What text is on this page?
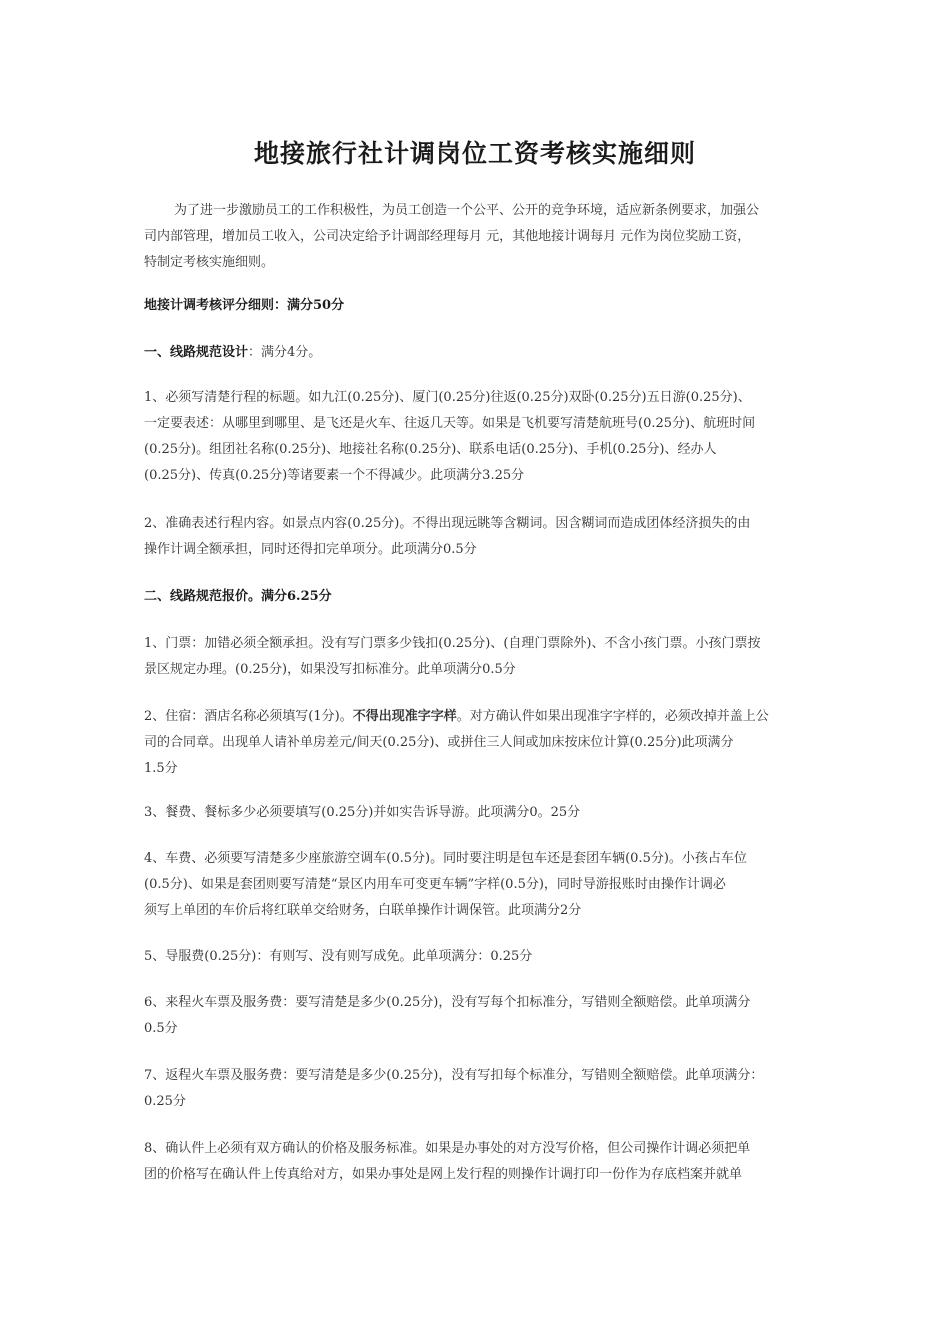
地接旅行社计调岗位工资考核实施细则
为了进一步激励员工的工作积极性，为员工创造一个公平、公开的竞争环境，适应新条例要求，加强公
司内部管理，增加员工收入，公司决定给予计调部经理每月 元，其他地接计调每月 元作为岗位奖励工资，
特制定考核实施细则。
地接计调考核评分细则：满分50分
一、线路规范设计：满分4分。
1、必须写清楚行程的标题。如九江(0.25分)、厦门(0.25分)往返(0.25分)双卧(0.25分)五日游(0.25分)、
一定要表述：从哪里到哪里、是飞还是火车、往返几天等。如果是飞机要写清楚航班号(0.25分)、航班时间
(0.25分)。组团社名称(0.25分)、地接社名称(0.25分)、联系电话(0.25分)、手机(0.25分)、经办人
(0.25分)、传真(0.25分)等诸要素一个不得减少。此项满分3.25分
2、准确表述行程内容。如景点内容(0.25分)。不得出现远眺等含糊词。因含糊词而造成团体经济损失的由
操作计调全额承担，同时还得扣完单项分。此项满分0.5分
二、线路规范报价。满分6.25分
1、门票：加错必须全额承担。没有写门票多少钱扣(0.25分)、(自理门票除外)、不含小孩门票。小孩门票按
景区规定办理。(0.25分)，如果没写扣标准分。此单项满分0.5分
2、住宿：酒店名称必须填写(1分)。不得出现准字字样。对方确认件如果出现准字字样的，必须改掉并盖上公
司的合同章。出现单人请补单房差元/间天(0.25分)、或拼住三人间或加床按床位计算(0.25分)此项满分
1.5分
3、餐费、餐标多少必须要填写(0.25分)并如实告诉导游。此项满分0。25分
4、车费、必须要写清楚多少座旅游空调车(0.5分)。同时要注明是包车还是套团车辆(0.5分)。小孩占车位
(0.5分)、如果是套团则要写清楚“景区内用车可变更车辆”字样(0.5分)，同时导游报账时由操作计调必
须写上单团的车价后将红联单交给财务，白联单操作计调保管。此项满分2分
5、导服费(0.25分)：有则写、没有则写成免。此单项满分：0.25分
6、来程火车票及服务费：要写清楚是多少(0.25分)，没有写每个扣标准分，写错则全额赔偿。此单项满分
0.5分
7、返程火车票及服务费：要写清楚是多少(0.25分)，没有写扣每个标准分，写错则全额赔偿。此单项满分：
0.25分
8、确认件上必须有双方确认的价格及服务标准。如果是办事处的对方没写价格，但公司操作计调必须把单
团的价格写在确认件上传真给对方，如果办事处是网上发行程的则操作计调打印一份作为存底档案并就单
